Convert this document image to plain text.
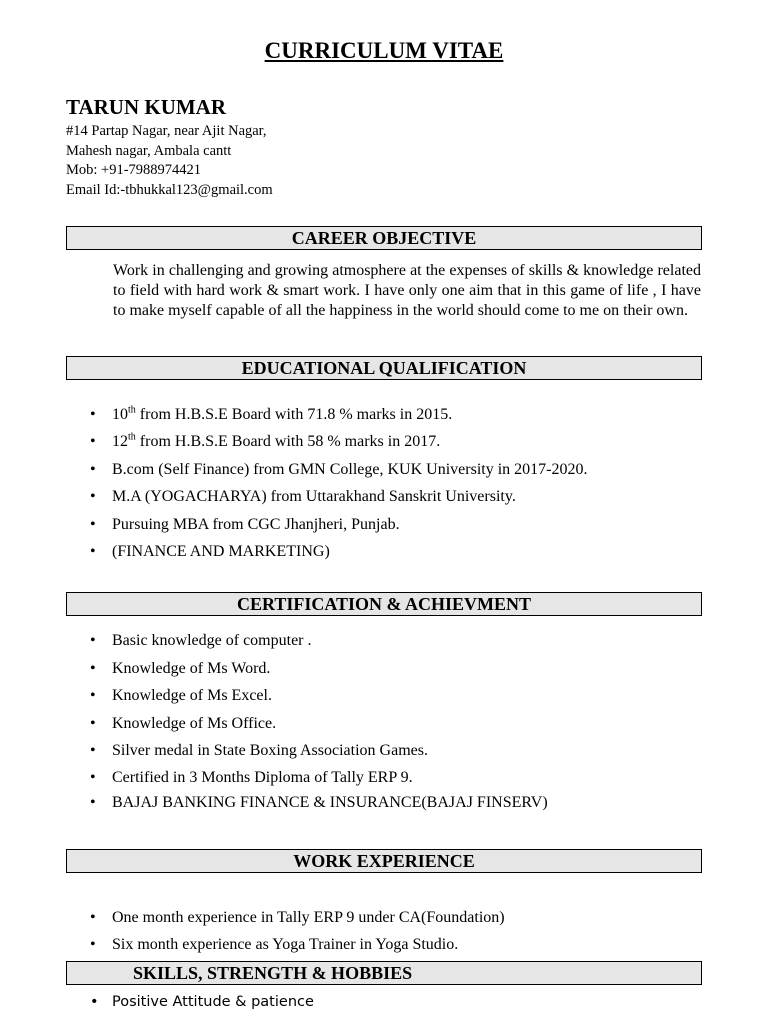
CURRICULUM VITAE
TARUN KUMAR
#14 Partap Nagar, near Ajit Nagar,
Mahesh nagar, Ambala cantt
Mob: +91-7988974421
Email Id:-tbhukkal123@gmail.com
CAREER OBJECTIVE
Work in challenging and growing atmosphere at the expenses of skills & knowledge related to field with hard work & smart work. I have only one aim that in this game of life , I have to make myself capable of all the happiness in the world should come to me on their own.
EDUCATIONAL QUALIFICATION
• 10th from H.B.S.E Board with 71.8 % marks in 2015.
• 12th from H.B.S.E Board with 58 % marks in 2017.
• B.com (Self Finance) from GMN College, KUK University in 2017-2020.
• M.A (YOGACHARYA) from Uttarakhand Sanskrit University.
• Pursuing MBA from CGC Jhanjheri, Punjab.
• (FINANCE AND MARKETING)
CERTIFICATION & ACHIEVMENT
• Basic knowledge of computer .
• Knowledge of Ms Word.
• Knowledge of Ms Excel.
• Knowledge of Ms Office.
• Silver medal in State Boxing Association Games.
• Certified in 3 Months Diploma of Tally ERP 9.
• BAJAJ BANKING FINANCE & INSURANCE(BAJAJ FINSERV)
WORK EXPERIENCE
• One month experience in Tally ERP 9 under CA(Foundation)
• Six month experience as Yoga Trainer in Yoga Studio.
SKILLS, STRENGTH & HOBBIES
• Positive Attitude & patience
